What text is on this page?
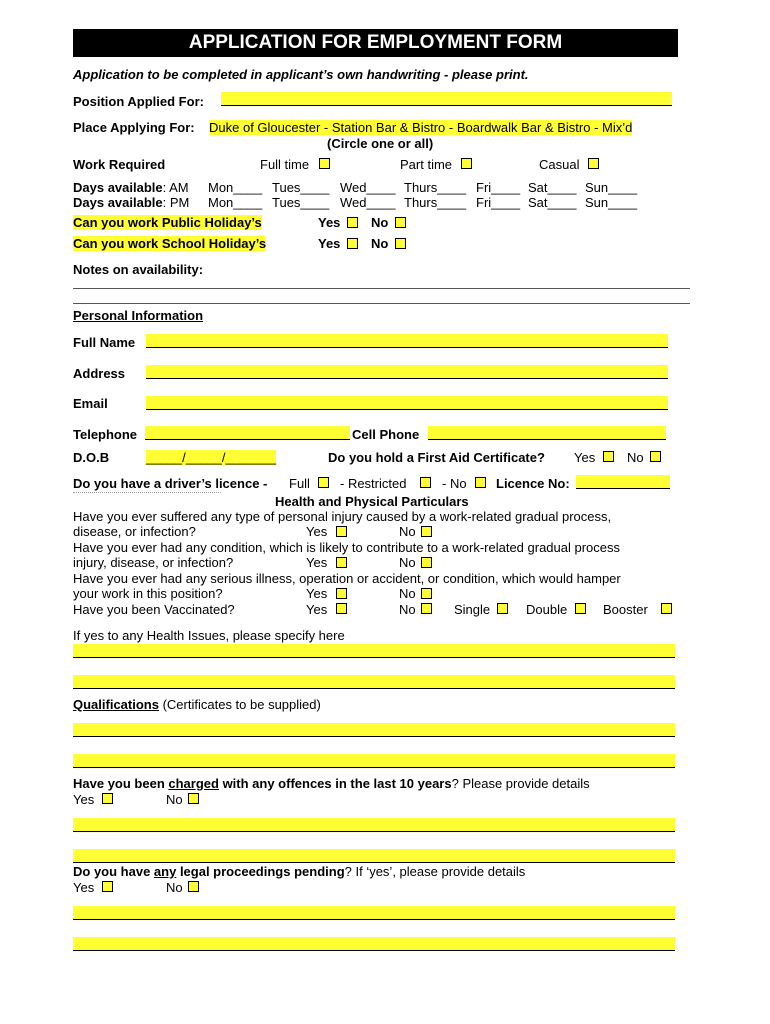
APPLICATION FOR EMPLOYMENT FORM
Application to be completed in applicant’s own handwriting - please print.
Position Applied For:
Place Applying For: Duke of Gloucester - Station Bar & Bistro - Boardwalk Bar & Bistro - Mix’d
(Circle one or all)
Work Required	Full time	Part time	Casual
Days available: AM Mon____ Tues____ Wed____ Thurs____ Fri____ Sat____ Sun____
Days available: PM Mon____ Tues____ Wed____ Thurs____ Fri____ Sat____ Sun____
Can you work Public Holiday’s	Yes No
Can you work School Holiday’s	Yes No
Notes on availability:
Personal Information
Full Name
Address
Email
Telephone	Cell Phone
D.O.B	_____/_____/_______	Do you hold a First Aid Certificate? Yes No
Do you have a driver’s licence - Full - Restricted	- No Licence No:
Health and Physical Particulars
Have you ever suffered any type of personal injury caused by a work-related gradual process,
disease, or infection?	Yes	No
Have you ever had any condition, which is likely to contribute to a work-related gradual process
injury, disease, or infection?	Yes	No
Have you ever had any serious illness, operation or accident, or condition, which would hamper
your work in this position?	Yes	No
Have you been Vaccinated?	Yes	No	Single	Double	Booster
If yes to any Health Issues, please specify here
Qualifications (Certificates to be supplied)
Have you been charged with any offences in the last 10 years? Please provide details
Yes	No
Do you have any legal proceedings pending? If ‘yes’, please provide details
Yes	No
